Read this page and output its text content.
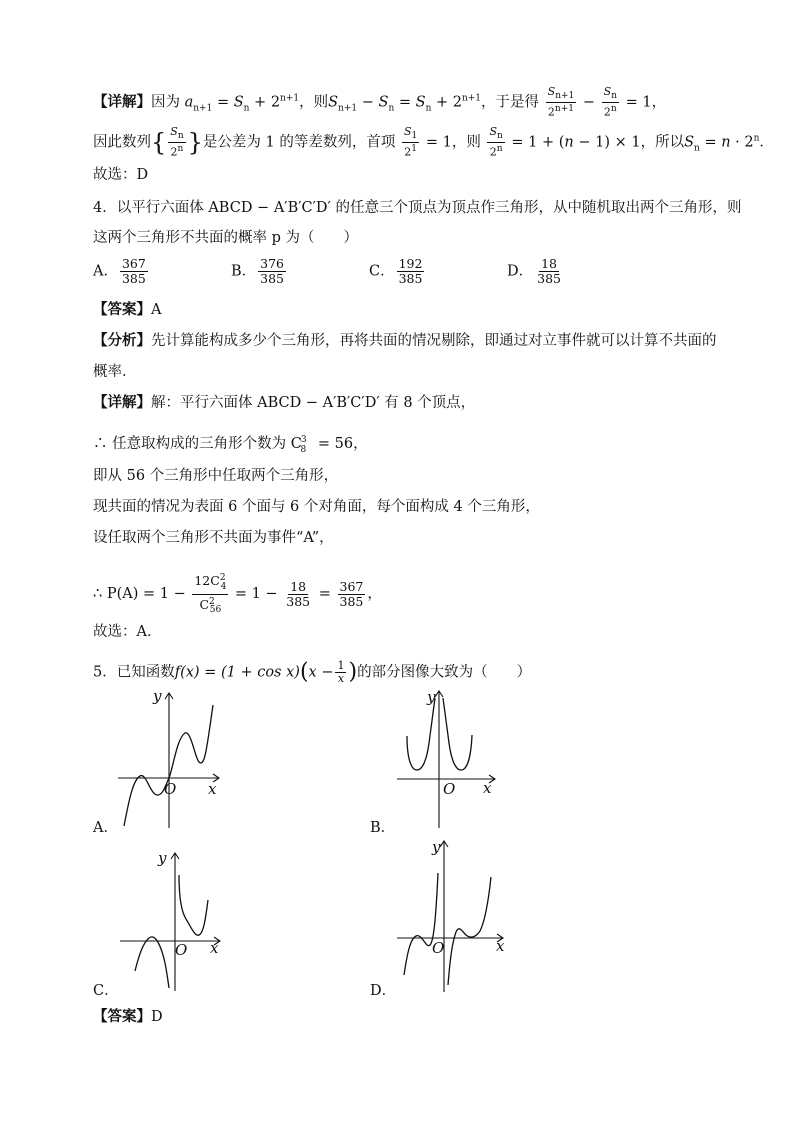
【详解】因为 $a_{n+1} = S_n + 2^{n+1}$，则$S_{n+1} - S_n = S_n + 2^{n+1}$，于是得 $\frac{S_{n+1}}{2^{n+1}} - \frac{S_n}{2^n} = 1$，
因此数列{ $\frac{S_n}{2^n}$ }是公差为 1 的等差数列，首项 $\frac{S_1}{2^1} = 1$，则 $\frac{S_n}{2^n} = 1 + (n - 1) \times 1$，所以$S_n = n \cdot 2^n$．
故选：D
4．以平行六面体 ABCD − A′B′C′D′ 的任意三个顶点为顶点作三角形，从中随机取出两个三角形，则
这两个三角形不共面的概率 p 为（　　）
A． $\frac{367}{385}$	B． $\frac{376}{385}$	C． $\frac{192}{385}$	D． $\frac{18}{385}$
【答案】A
【分析】先计算能构成多少个三角形，再将共面的情况剔除，即通过对立事件就可以计算不共面的
概率．
【详解】解：平行六面体 ABCD − A′B′C′D′ 有 8 个顶点，
∴ 任意取构成的三角形个数为 $C^3_8 = 56$，
即从 56 个三角形中任取两个三角形，
现共面的情况为表面 6 个面与 6 个对角面，每个面构成 4 个三角形，
设任取两个三角形不共面为事件“A”，
∴ $P(A) = 1 - \frac{12C^2_4}{C^2_{56}} = 1 - \frac{18}{385} = \frac{367}{385}$ ，
故选：A．
5．已知函数$f(x) = (1 + \cos x)(x - \frac{1}{x}$ )的部分图像大致为（　　）
y
x
O
A．
y
x
O
B．
y
x
O
C．
y
x
O
D．
【答案】D
